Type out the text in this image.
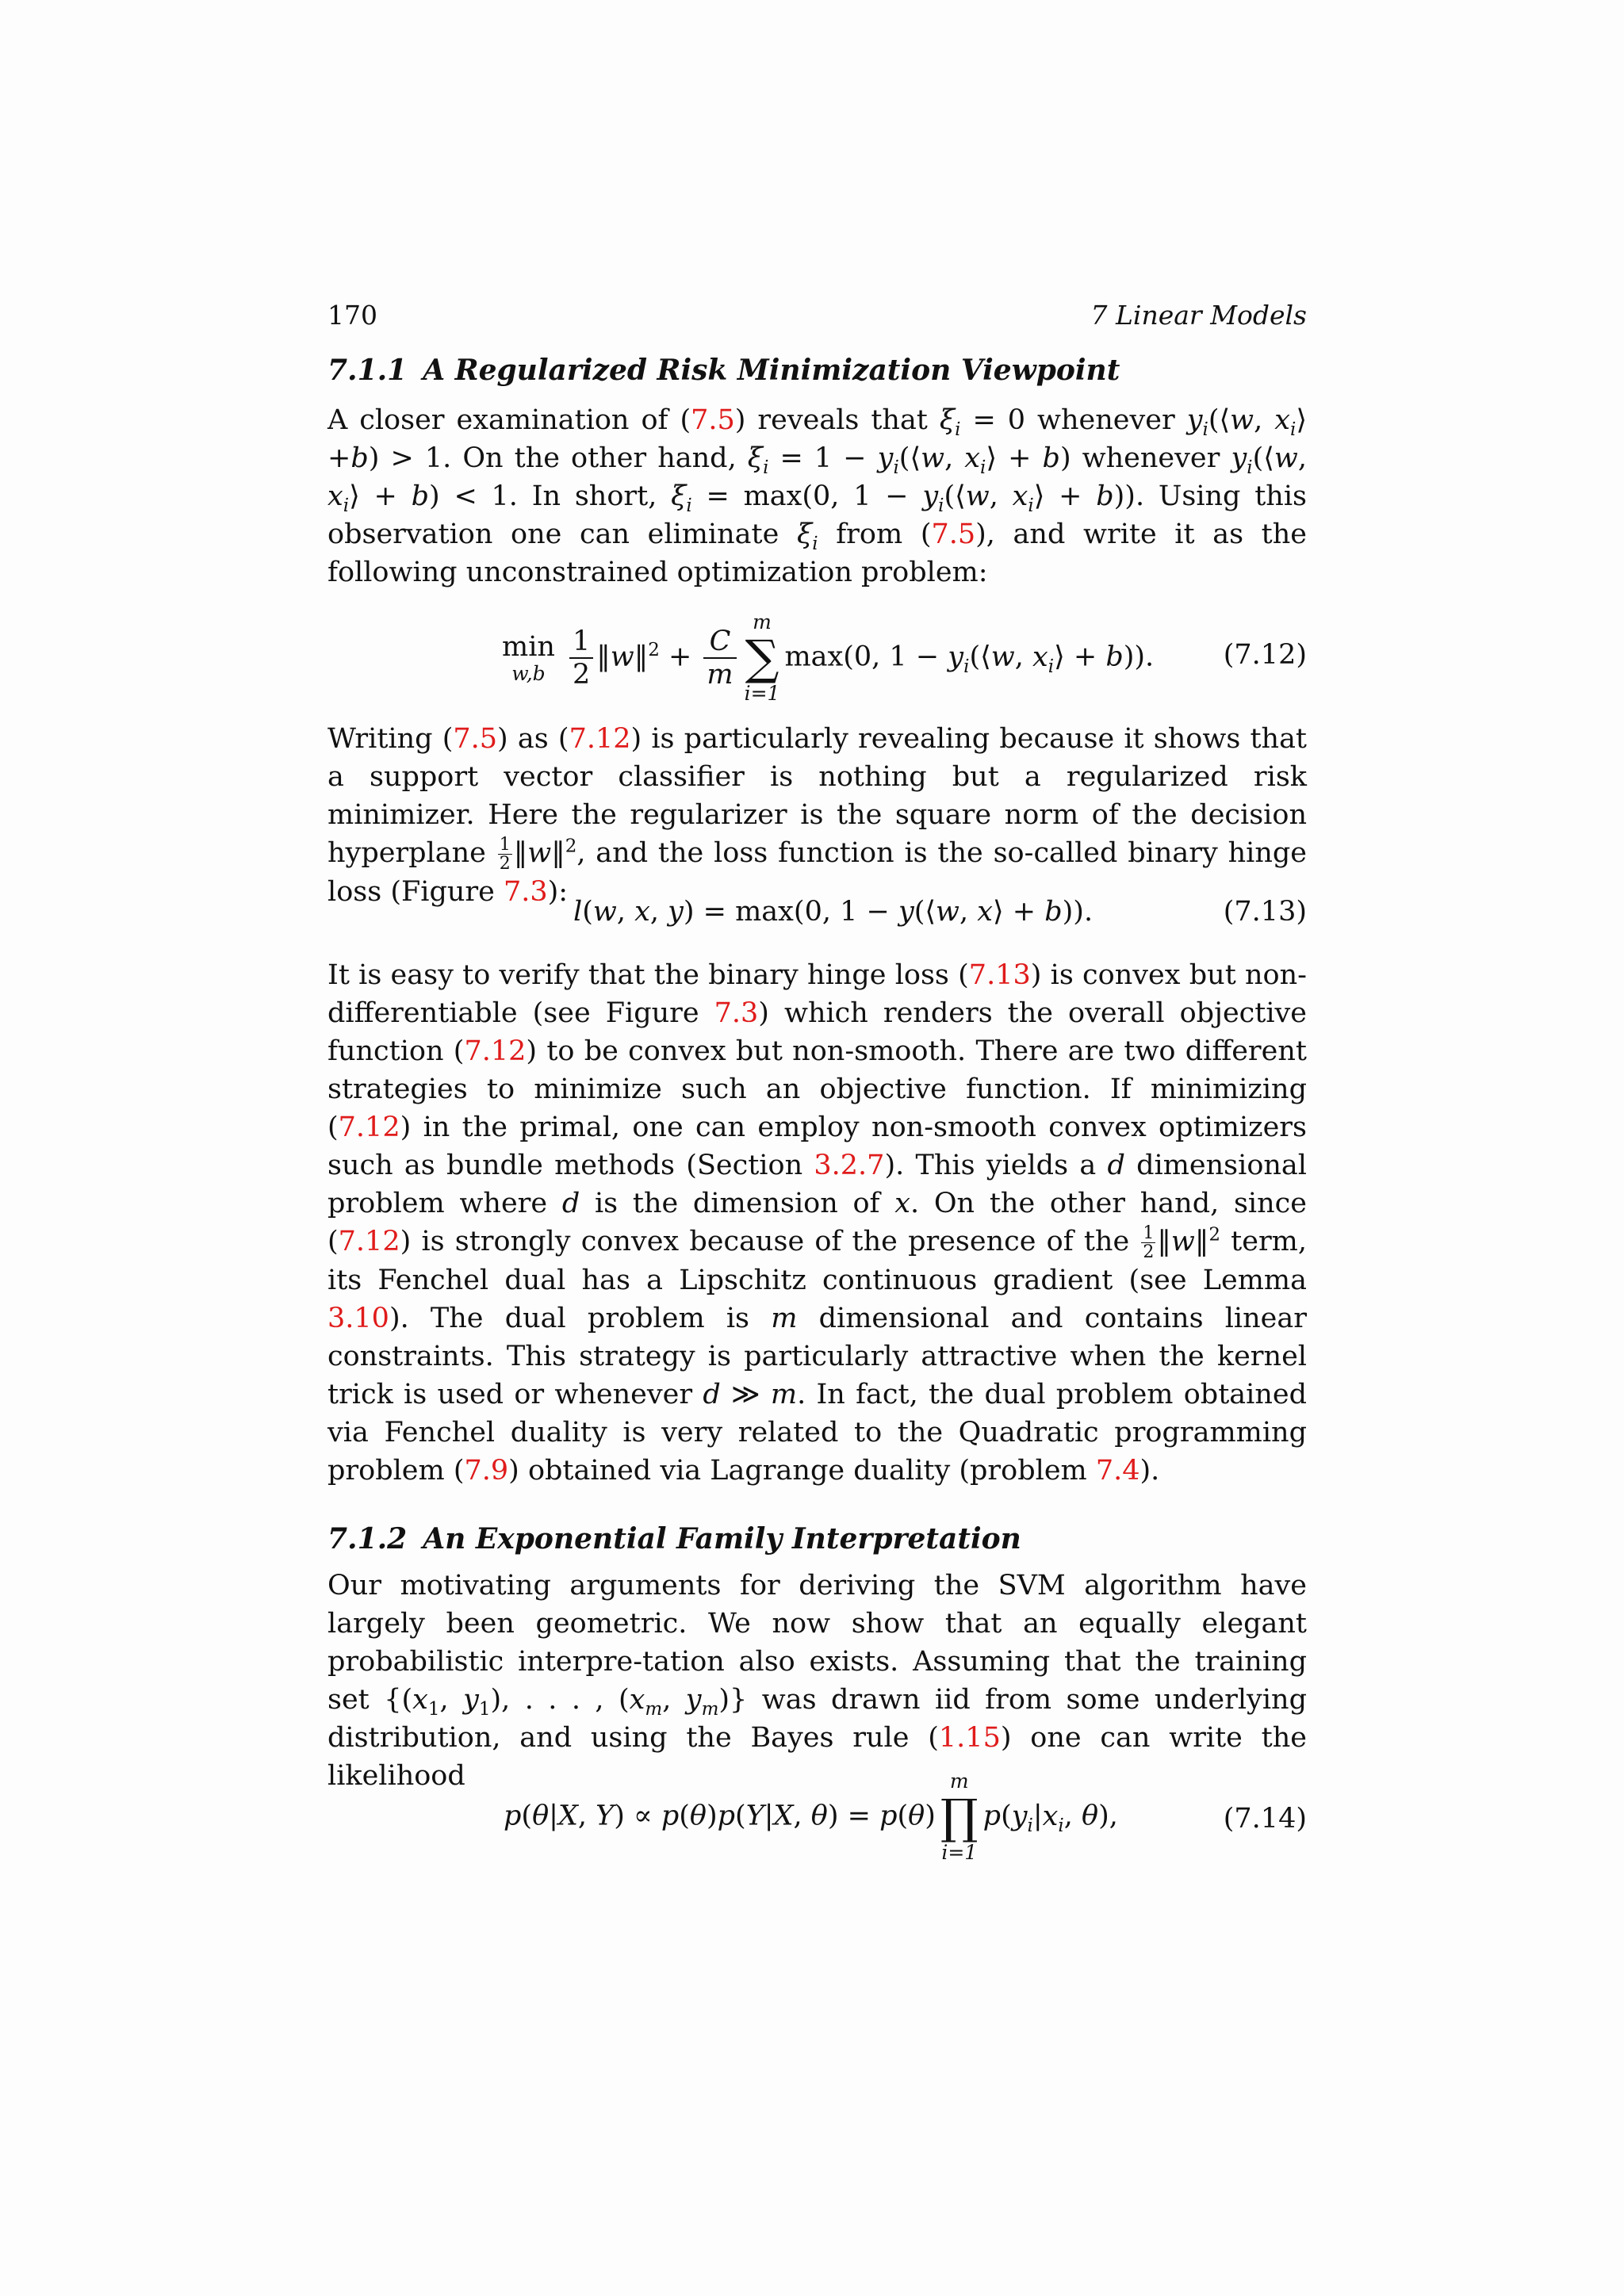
170	7 Linear Models
7.1.1 A Regularized Risk Minimization Viewpoint

A closer examination of (7.5) reveals that $\xi_i = 0$ whenever $y_i(⟨w$, $x_i⟩+b) > 1$. On the other hand, $\xi_i = 1$ − $y_i(⟨w$, $x_i⟩ + b$) whenever $y_i(⟨w$, $x_i⟩ + b) < 1$. In short, $\xi_i = \max(0$, $1 - y_i(⟨w$, $x_i⟩ + b$)). Using this observation one can eliminate $\xi_i$ from (7.5), and write it as the following unconstrained optimization problem:

min
$w,b \frac{1}{2}$ ‖w‖$^2$ + $\frac{C}{m}$
m
∑
i=1
max(0, $1 - y_i(⟨w$, $x_i⟩ + b$)).	(7.12)

Writing (7.5) as (7.12) is particularly revealing because it shows that a support vector classifier is nothing but a regularized risk minimizer. Here the regularizer is the square norm of the decision hyperplane $\frac{1}{2}$ ‖w‖$^2$, and the loss function is the so-called binary hinge loss (Figure 7.3):

l(w, x, y) = max(0, 1 − y(⟨w, x⟩ + b)).	(7.13)

It is easy to verify that the binary hinge loss (7.13) is convex but non-differentiable (see Figure 7.3) which renders the overall objective function (7.12) to be convex but non-smooth. There are two different strategies to minimize such an objective function. If minimizing (7.12) in the primal, one can employ non-smooth convex optimizers such as bundle methods (Section 3.2.7). This yields a d dimensional problem where d is the dimension of x. On the other hand, since (7.12) is strongly convex because of the presence of the $\frac{1}{2}$ ‖w‖$^2$ term, its Fenchel dual has a Lipschitz continuous gradient (see Lemma 3.10). The dual problem is m dimensional and contains linear constraints. This strategy is particularly attractive when the kernel trick is used or whenever d ≫ m. In fact, the dual problem obtained via Fenchel duality is very related to the Quadratic programming problem (7.9) obtained via Lagrange duality (problem 7.4).

7.1.2 An Exponential Family Interpretation

Our motivating arguments for deriving the SVM algorithm have largely been geometric. We now show that an equally elegant probabilistic interpre-tation also exists. Assuming that the training set {($x_1$, $y_1$), . . . , ($x_m$, $y_m$)} was drawn iid from some underlying distribution, and using the Bayes rule (1.15) one can write the likelihood

p(θ|X, Y) ∝ p(θ)p(Y|X, θ) = p(θ)
m
∏
i=1
$p(y_i|x_i$, θ),	(7.14)
